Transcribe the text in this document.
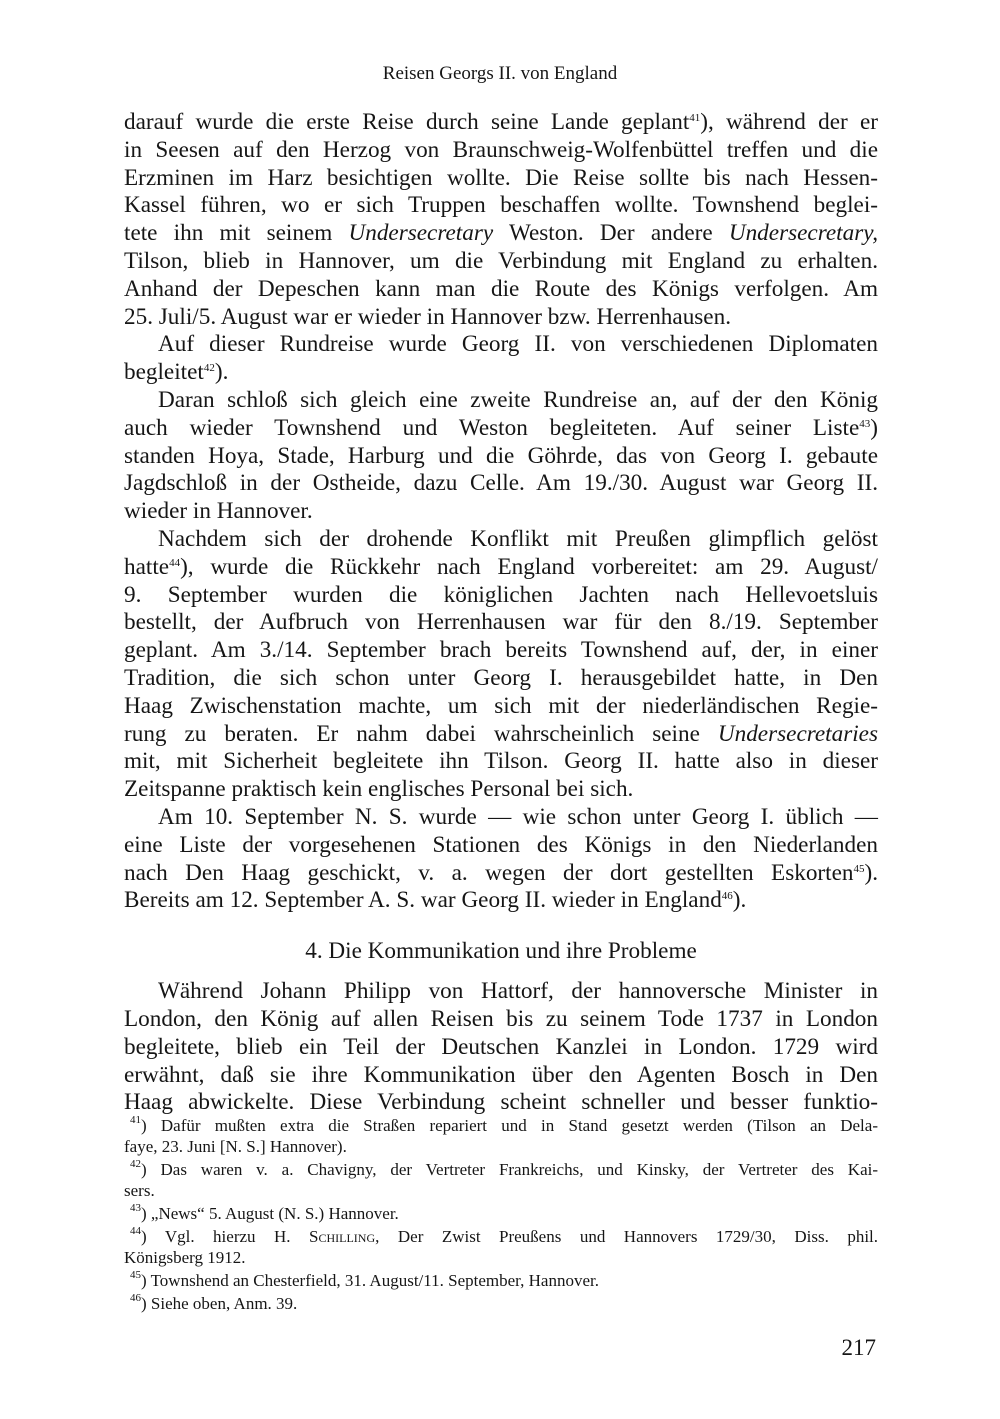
Reisen Georgs II. von England
darauf wurde die erste Reise durch seine Lande geplant$^{41}$), während der er
in Seesen auf den Herzog von Braunschweig-Wolfenbüttel treffen und die
Erzminen im Harz besichtigen wollte. Die Reise sollte bis nach Hessen-
Kassel führen, wo er sich Truppen beschaffen wollte. Townshend beglei-
tete ihn mit seinem Undersecretary Weston. Der andere Undersecretary,
Tilson, blieb in Hannover, um die Verbindung mit England zu erhalten.
Anhand der Depeschen kann man die Route des Königs verfolgen. Am
25. Juli/5. August war er wieder in Hannover bzw. Herrenhausen.
Auf dieser Rundreise wurde Georg II. von verschiedenen Diplomaten
begleitet$^{42}$).
Daran schloß sich gleich eine zweite Rundreise an, auf der den König
auch wieder Townshend und Weston begleiteten. Auf seiner Liste$^{43}$)
standen Hoya, Stade, Harburg und die Göhrde, das von Georg I. gebaute
Jagdschloß in der Ostheide, dazu Celle. Am 19./30. August war Georg II.
wieder in Hannover.
Nachdem sich der drohende Konflikt mit Preußen glimpflich gelöst
hatte$^{44}$), wurde die Rückkehr nach England vorbereitet: am 29. August/
9. September wurden die königlichen Jachten nach Hellevoetsluis
bestellt, der Aufbruch von Herrenhausen war für den 8./19. September
geplant. Am 3./14. September brach bereits Townshend auf, der, in einer
Tradition, die sich schon unter Georg I. herausgebildet hatte, in Den
Haag Zwischenstation machte, um sich mit der niederländischen Regie-
rung zu beraten. Er nahm dabei wahrscheinlich seine Undersecretaries
mit, mit Sicherheit begleitete ihn Tilson. Georg II. hatte also in dieser
Zeitspanne praktisch kein englisches Personal bei sich.
Am 10. September N. S. wurde — wie schon unter Georg I. üblich —
eine Liste der vorgesehenen Stationen des Königs in den Niederlanden
nach Den Haag geschickt, v. a. wegen der dort gestellten Eskorten$^{45}$).
Bereits am 12. September A. S. war Georg II. wieder in England$^{46}$).
4. Die Kommunikation und ihre Probleme
Während Johann Philipp von Hattorf, der hannoversche Minister in
London, den König auf allen Reisen bis zu seinem Tode 1737 in London
begleitete, blieb ein Teil der Deutschen Kanzlei in London. 1729 wird
erwähnt, daß sie ihre Kommunikation über den Agenten Bosch in Den
Haag abwickelte. Diese Verbindung scheint schneller und besser funktio-
$^{41}$) Dafür mußten extra die Straßen repariert und in Stand gesetzt werden (Tilson an Dela-
faye, 23. Juni [N. S.] Hannover).
$^{42}$) Das waren v. a. Chavigny, der Vertreter Frankreichs, und Kinsky, der Vertreter des Kai-
sers.
$^{43}$) „News“ 5. August (N. S.) Hannover.
$^{44}$) Vgl. hierzu H. Schilling, Der Zwist Preußens und Hannovers 1729/30, Diss. phil.
Königsberg 1912.
$^{45}$) Townshend an Chesterfield, 31. August/11. September, Hannover.
$^{46}$) Siehe oben, Anm. 39.
217
